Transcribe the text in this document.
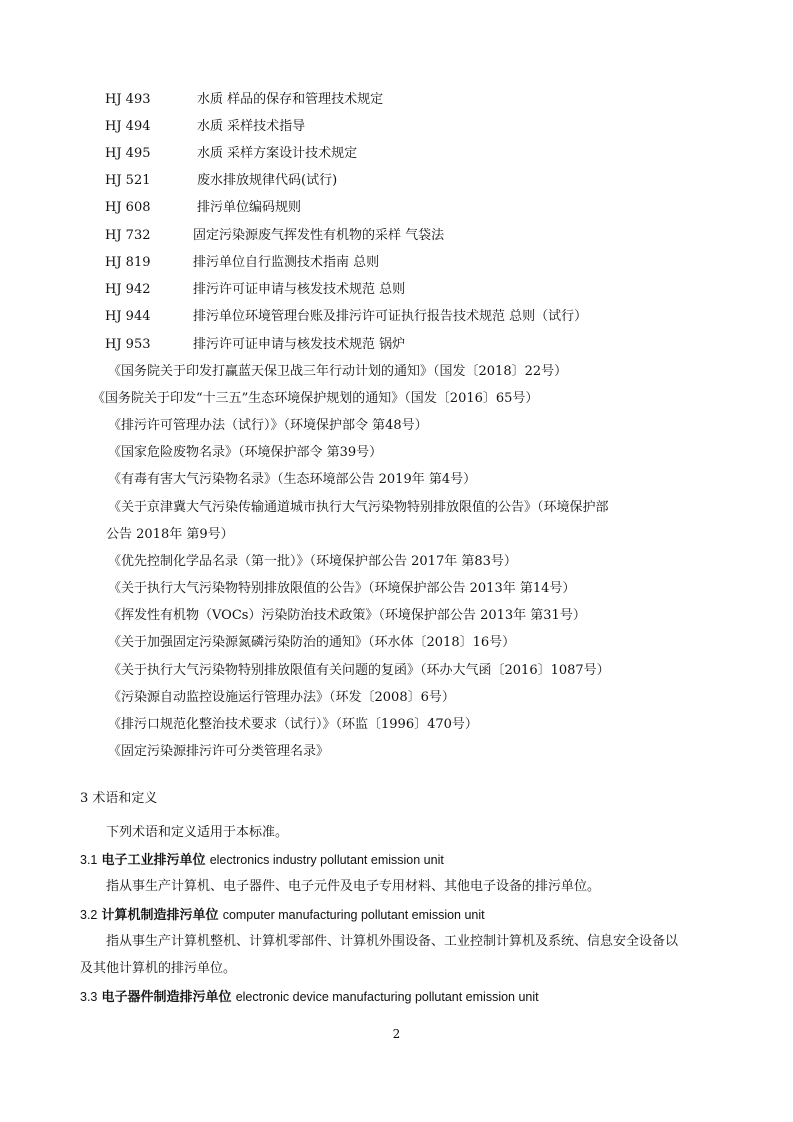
HJ 493	水质 样品的保存和管理技术规定
HJ 494	水质 采样技术指导
HJ 495	水质 采样方案设计技术规定
HJ 521	废水排放规律代码(试行)
HJ 608	排污单位编码规则
HJ 732	固定污染源废气挥发性有机物的采样 气袋法
HJ 819	排污单位自行监测技术指南 总则
HJ 942	排污许可证申请与核发技术规范 总则
HJ 944	排污单位环境管理台账及排污许可证执行报告技术规范 总则（试行）
HJ 953	排污许可证申请与核发技术规范 锅炉
《国务院关于印发打赢蓝天保卫战三年行动计划的通知》（国发〔2018〕22号）
《国务院关于印发“十三五”生态环境保护规划的通知》（国发〔2016〕65号）
《排污许可管理办法（试行）》（环境保护部令 第48号）
《国家危险废物名录》（环境保护部令 第39号）
《有毒有害大气污染物名录》（生态环境部公告 2019年 第4号）
《关于京津冀大气污染传输通道城市执行大气污染物特别排放限值的公告》（环境保护部
公告 2018年 第9号）
《优先控制化学品名录（第一批）》（环境保护部公告 2017年 第83号）
《关于执行大气污染物特别排放限值的公告》（环境保护部公告 2013年 第14号）
《挥发性有机物（VOCs）污染防治技术政策》（环境保护部公告 2013年 第31号）
《关于加强固定污染源氮磷污染防治的通知》（环水体〔2018〕16号）
《关于执行大气污染物特别排放限值有关问题的复函》（环办大气函〔2016〕1087号）
《污染源自动监控设施运行管理办法》（环发〔2008〕6号）
《排污口规范化整治技术要求（试行）》（环监〔1996〕470号）
《固定污染源排污许可分类管理名录》
3 术语和定义
下列术语和定义适用于本标准。
3.1 电子工业排污单位 electronics industry pollutant emission unit
指从事生产计算机、电子器件、电子元件及电子专用材料、其他电子设备的排污单位。
3.2 计算机制造排污单位 computer manufacturing pollutant emission unit
指从事生产计算机整机、计算机零部件、计算机外围设备、工业控制计算机及系统、信息安全设备以
及其他计算机的排污单位。
3.3 电子器件制造排污单位 electronic device manufacturing pollutant emission unit
2
